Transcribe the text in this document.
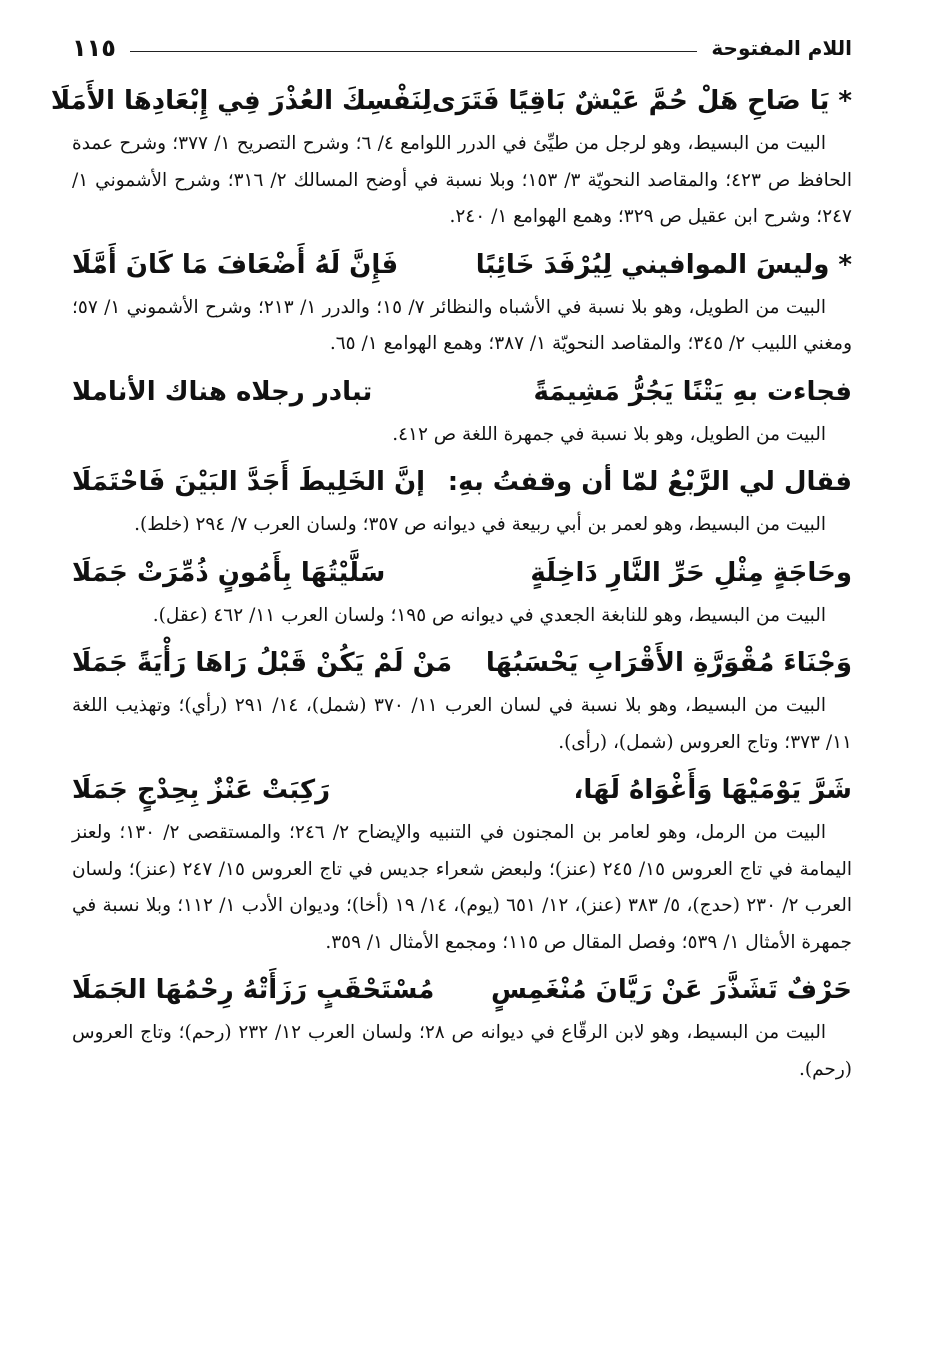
اللام المفتوحة
١١٥
* يَا صَاحِ هَلْ حُمَّ عَيْشٌ بَاقِيًا فَتَرَى
لِنَفْسِكَ العُذْرَ فِي إِبْعَادِهَا الأَمَلَا
البيت من البسيط، وهو لرجل من طيِّئ في الدرر اللوامع ٤/ ٦؛ وشرح التصريح ١/ ٣٧٧؛ وشرح عمدة الحافظ ص ٤٢٣؛ والمقاصد النحويّة ٣/ ١٥٣؛ وبلا نسبة في أوضح المسالك ٢/ ٣١٦؛ وشرح الأشموني ١/ ٢٤٧؛ وشرح ابن عقيل ص ٣٢٩؛ وهمع الهوامع ١/ ٢٤٠.
* وليسَ الموافيني لِيُرْفَدَ خَائِبًا
فَإِنَّ لَهُ أَضْعَافَ مَا كَانَ أَمَّلَا
البيت من الطويل، وهو بلا نسبة في الأشباه والنظائر ٧/ ١٥؛ والدرر ١/ ٢١٣؛ وشرح الأشموني ١/ ٥٧؛ ومغني اللبيب ٢/ ٣٤٥؛ والمقاصد النحويّة ١/ ٣٨٧؛ وهمع الهوامع ١/ ٦٥.
فجاءت بهِ يَتْنًا يَجُرُّ مَشِيمَةً
تبادر رجلاه هناك الأناملا
البيت من الطويل، وهو بلا نسبة في جمهرة اللغة ص ٤١٢.
فقال لي الرَّبْعُ لمّا أن وقفتُ بهِ:
إنَّ الخَلِيطَ أَجَدَّ البَيْنَ فَاحْتَمَلَا
البيت من البسيط، وهو لعمر بن أبي ربيعة في ديوانه ص ٣٥٧؛ ولسان العرب ٧/ ٢٩٤ (خلط).
وحَاجَةٍ مِثْلِ حَرِّ النَّارِ دَاخِلَةٍ
سَلَّيْتُهَا بِأَمُونٍ ذُمِّرَتْ جَمَلَا
البيت من البسيط، وهو للنابغة الجعدي في ديوانه ص ١٩٥؛ ولسان العرب ١١/ ٤٦٢ (عقل).
وَجْنَاءَ مُقْوَرَّةِ الأَقْرَابِ يَحْسَبُهَا
مَنْ لَمْ يَكُنْ قَبْلُ رَاهَا رَأْيَةً جَمَلَا
البيت من البسيط، وهو بلا نسبة في لسان العرب ١١/ ٣٧٠ (شمل)، ١٤/ ٢٩١ (رأي)؛ وتهذيب اللغة ١١/ ٣٧٣؛ وتاج العروس (شمل)، (رأى).
شَرَّ يَوْمَيْهَا وَأَغْوَاهُ لَهَا،
رَكِبَتْ عَنْزٌ بِحِدْجٍ جَمَلَا
البيت من الرمل، وهو لعامر بن المجنون في التنبيه والإيضاح ٢/ ٢٤٦؛ والمستقصى ٢/ ١٣٠؛ ولعنز اليمامة في تاج العروس ١٥/ ٢٤٥ (عنز)؛ ولبعض شعراء جديس في تاج العروس ١٥/ ٢٤٧ (عنز)؛ ولسان العرب ٢/ ٢٣٠ (حدج)، ٥/ ٣٨٣ (عنز)، ١٢/ ٦٥١ (يوم)، ١٤/ ١٩ (أخا)؛ وديوان الأدب ١/ ١١٢؛ وبلا نسبة في جمهرة الأمثال ١/ ٥٣٩؛ وفصل المقال ص ١١٥؛ ومجمع الأمثال ١/ ٣٥٩.
حَرْفٌ تَشَذَّرَ عَنْ رَيَّانَ مُنْغَمِسٍ
مُسْتَحْقَبٍ رَزَأَتْهُ رِحْمُهَا الجَمَلَا
البيت من البسيط، وهو لابن الرقّاع في ديوانه ص ٢٨؛ ولسان العرب ١٢/ ٢٣٢ (رحم)؛ وتاج العروس (رحم).
